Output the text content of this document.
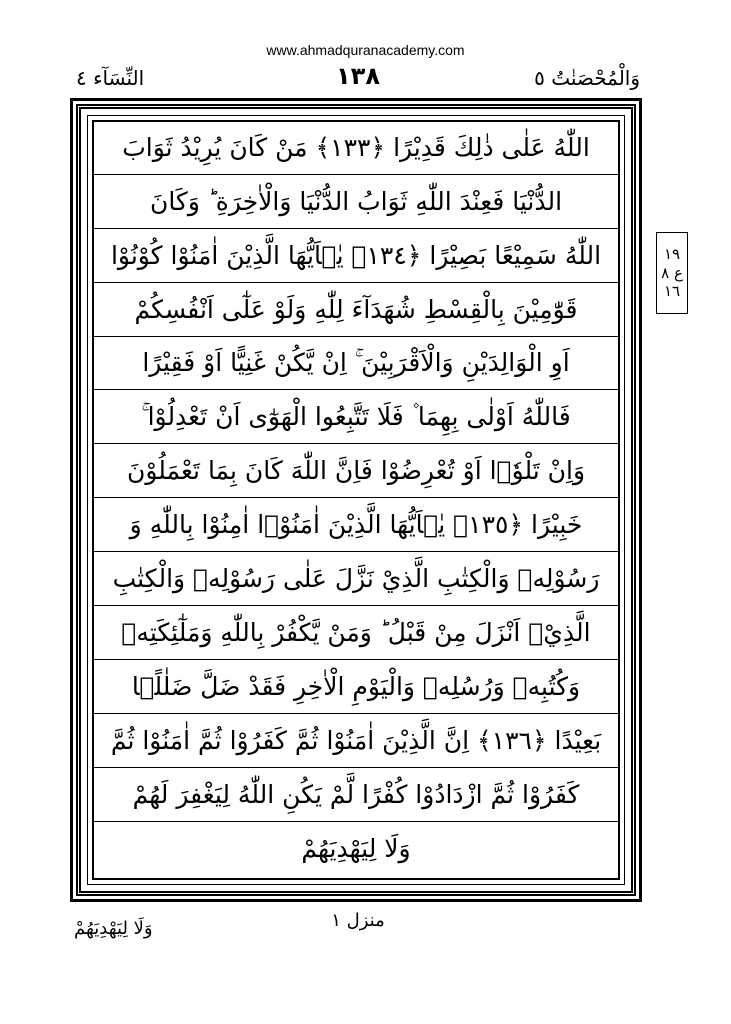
www.ahmadquranacademy.com
النِّسَآء ٤	١٣٨	وَالْمُحْصَنٰتُ ٥
اللّٰهُ عَلٰى ذٰلِكَ قَدِيْرًا ﴿١٣٣﴾ مَنْ كَانَ يُرِيْدُ ثَوَابَ
الدُّنْيَا فَعِنْدَ اللّٰهِ ثَوَابُ الدُّنْيَا وَالْاٰخِرَةِ ؕ وَكَانَ
اللّٰهُ سَمِيْعًا بَصِيْرًا ﴿١٣٤﴾ يٰۤاَيُّهَا الَّذِيْنَ اٰمَنُوْا كُوْنُوْا
قَوّٰمِيْنَ بِالْقِسْطِ شُهَدَآءَ لِلّٰهِ وَلَوْ عَلٰٓى اَنْفُسِكُمْ
اَوِ الْوَالِدَيْنِ وَالْاَقْرَبِيْنَ ۚ اِنْ يَّكُنْ غَنِيًّا اَوْ فَقِيْرًا
فَاللّٰهُ اَوْلٰى بِهِمَا ۫ فَلَا تَتَّبِعُوا الْهَوٰٓى اَنْ تَعْدِلُوْا ۚ
وَاِنْ تَلْوٗۤا اَوْ تُعْرِضُوْا فَاِنَّ اللّٰهَ كَانَ بِمَا تَعْمَلُوْنَ
خَبِيْرًا ﴿١٣٥﴾ يٰۤاَيُّهَا الَّذِيْنَ اٰمَنُوْۤا اٰمِنُوْا بِاللّٰهِ وَ
رَسُوْلِهٖ وَالْكِتٰبِ الَّذِيْ نَزَّلَ عَلٰى رَسُوْلِهٖ وَالْكِتٰبِ
الَّذِيْۤ اَنْزَلَ مِنْ قَبْلُ ؕ وَمَنْ يَّكْفُرْ بِاللّٰهِ وَمَلٰٓئِكَتِهٖ
وَكُتُبِهٖ وَرُسُلِهٖ وَالْيَوْمِ الْاٰخِرِ فَقَدْ ضَلَّ ضَلٰلًۢا
بَعِيْدًا ﴿١٣٦﴾ اِنَّ الَّذِيْنَ اٰمَنُوْا ثُمَّ كَفَرُوْا ثُمَّ اٰمَنُوْا ثُمَّ
كَفَرُوْا ثُمَّ ازْدَادُوْا كُفْرًا لَّمْ يَكُنِ اللّٰهُ لِيَغْفِرَ لَهُمْ
وَلَا لِيَهْدِيَهُمْ
١٩
ع ٨
١٦
منزل ١
وَلَا لِيَهْدِيَهُمْ
